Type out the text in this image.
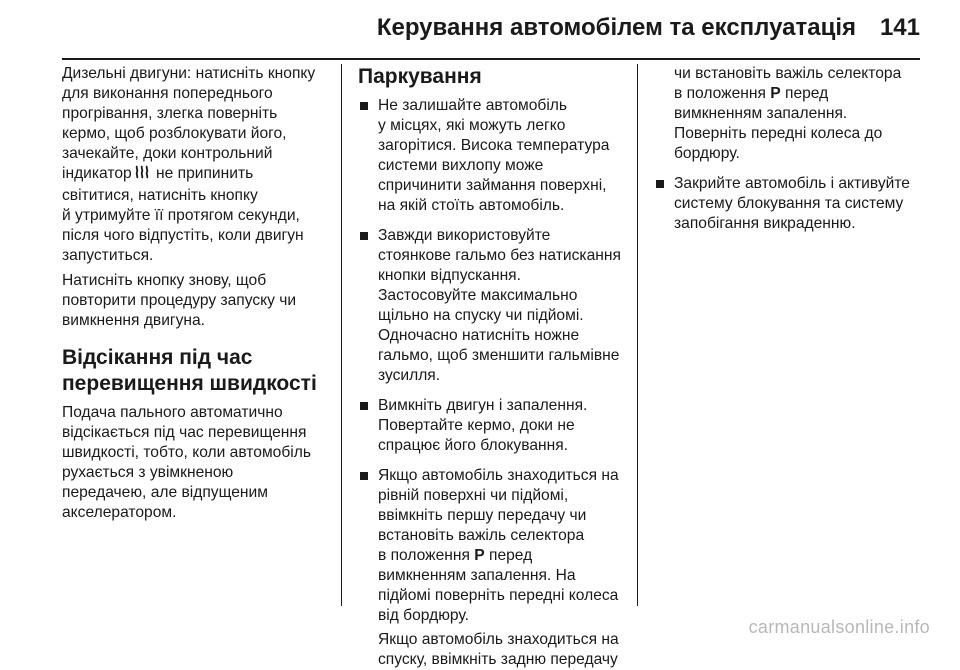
Керування автомобілем та експлуатація 141

Дизельні двигуни: натисніть кнопку
для виконання попереднього
прогрівання, злегка поверніть
кермо, щоб розблокувати його,
зачекайте, доки контрольний
індикатор не припинить
світитися, натисніть кнопку
й утримуйте її протягом секунди,
після чого відпустіть, коли двигун
запуститься.

Натисніть кнопку знову, щоб
повторити процедуру запуску чи
вимкнення двигуна.

Відсікання під час
перевищення швидкості

Подача пального автоматично
відсікається під час перевищення
швидкості, тобто, коли автомобіль
рухається з увімкненою
передачею, але відпущеним
акселератором.

Паркування
Не залишайте автомобіль
у місцях, які можуть легко
загорітися. Висока температура
системи вихлопу може
спричинити займання поверхні,
на якій стоїть автомобіль.
Завжди використовуйте
стоянкове гальмо без натискання
кнопки відпускання.
Застосовуйте максимально
щільно на спуску чи підйомі.
Одночасно натисніть ножне
гальмо, щоб зменшити гальмівне
зусилля.
Вимкніть двигун і запалення.
Повертайте кермо, доки не
спрацює його блокування.
Якщо автомобіль знаходиться на
рівній поверхні чи підйомі,
ввімкніть першу передачу чи
встановіть важіль селектора
в положення P перед
вимкненням запалення. На
підйомі поверніть передні колеса
від бордюру.
Якщо автомобіль знаходиться на
спуску, ввімкніть задню передачу
чи встановіть важіль селектора
в положення P перед
вимкненням запалення.
Поверніть передні колеса до
бордюру.
Закрийте автомобіль і активуйте
систему блокування та систему
запобігання викраденню.
carmanualsonline.info
